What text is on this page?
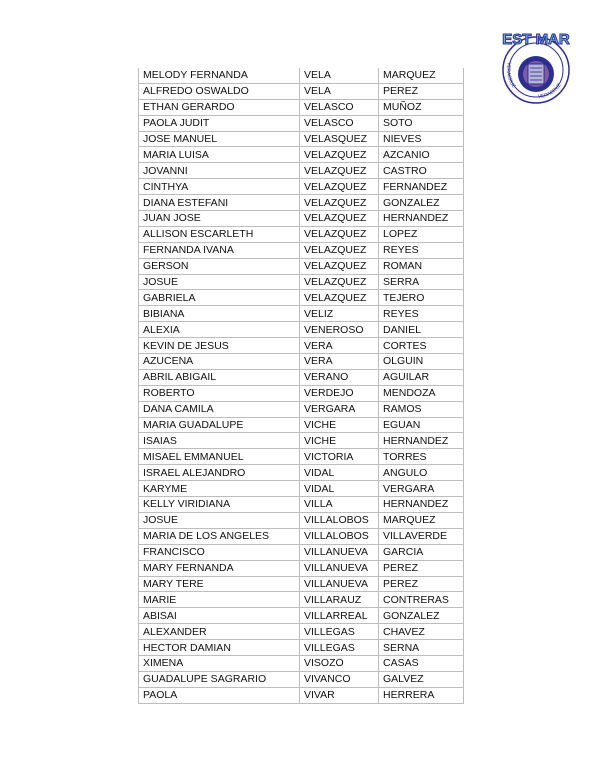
EST MAR
VERACRUZ
VERACRUZ
MELODY FERNANDA	VELA	MARQUEZ
ALFREDO OSWALDO	VELA	PEREZ
ETHAN GERARDO	VELASCO	MUÑOZ
PAOLA JUDIT	VELASCO	SOTO
JOSE MANUEL	VELASQUEZ	NIEVES
MARIA LUISA	VELAZQUEZ	AZCANIO
JOVANNI	VELAZQUEZ	CASTRO
CINTHYA	VELAZQUEZ	FERNANDEZ
DIANA ESTEFANI	VELAZQUEZ	GONZALEZ
JUAN JOSE	VELAZQUEZ	HERNANDEZ
ALLISON ESCARLETH	VELAZQUEZ	LOPEZ
FERNANDA IVANA	VELAZQUEZ	REYES
GERSON	VELAZQUEZ	ROMAN
JOSUE	VELAZQUEZ	SERRA
GABRIELA	VELAZQUEZ	TEJERO
BIBIANA	VELIZ	REYES
ALEXIA	VENEROSO	DANIEL
KEVIN DE JESUS	VERA	CORTES
AZUCENA	VERA	OLGUIN
ABRIL ABIGAIL	VERANO	AGUILAR
ROBERTO	VERDEJO	MENDOZA
DANA CAMILA	VERGARA	RAMOS
MARIA GUADALUPE	VICHE	EGUAN
ISAIAS	VICHE	HERNANDEZ
MISAEL EMMANUEL	VICTORIA	TORRES
ISRAEL ALEJANDRO	VIDAL	ANGULO
KARYME	VIDAL	VERGARA
KELLY VIRIDIANA	VILLA	HERNANDEZ
JOSUE	VILLALOBOS	MARQUEZ
MARIA DE LOS ANGELES	VILLALOBOS	VILLAVERDE
FRANCISCO	VILLANUEVA	GARCIA
MARY FERNANDA	VILLANUEVA	PEREZ
MARY TERE	VILLANUEVA	PEREZ
MARIE	VILLARAUZ	CONTRERAS
ABISAI	VILLARREAL	GONZALEZ
ALEXANDER	VILLEGAS	CHAVEZ
HECTOR DAMIAN	VILLEGAS	SERNA
XIMENA	VISOZO	CASAS
GUADALUPE SAGRARIO	VIVANCO	GALVEZ
PAOLA	VIVAR	HERRERA
